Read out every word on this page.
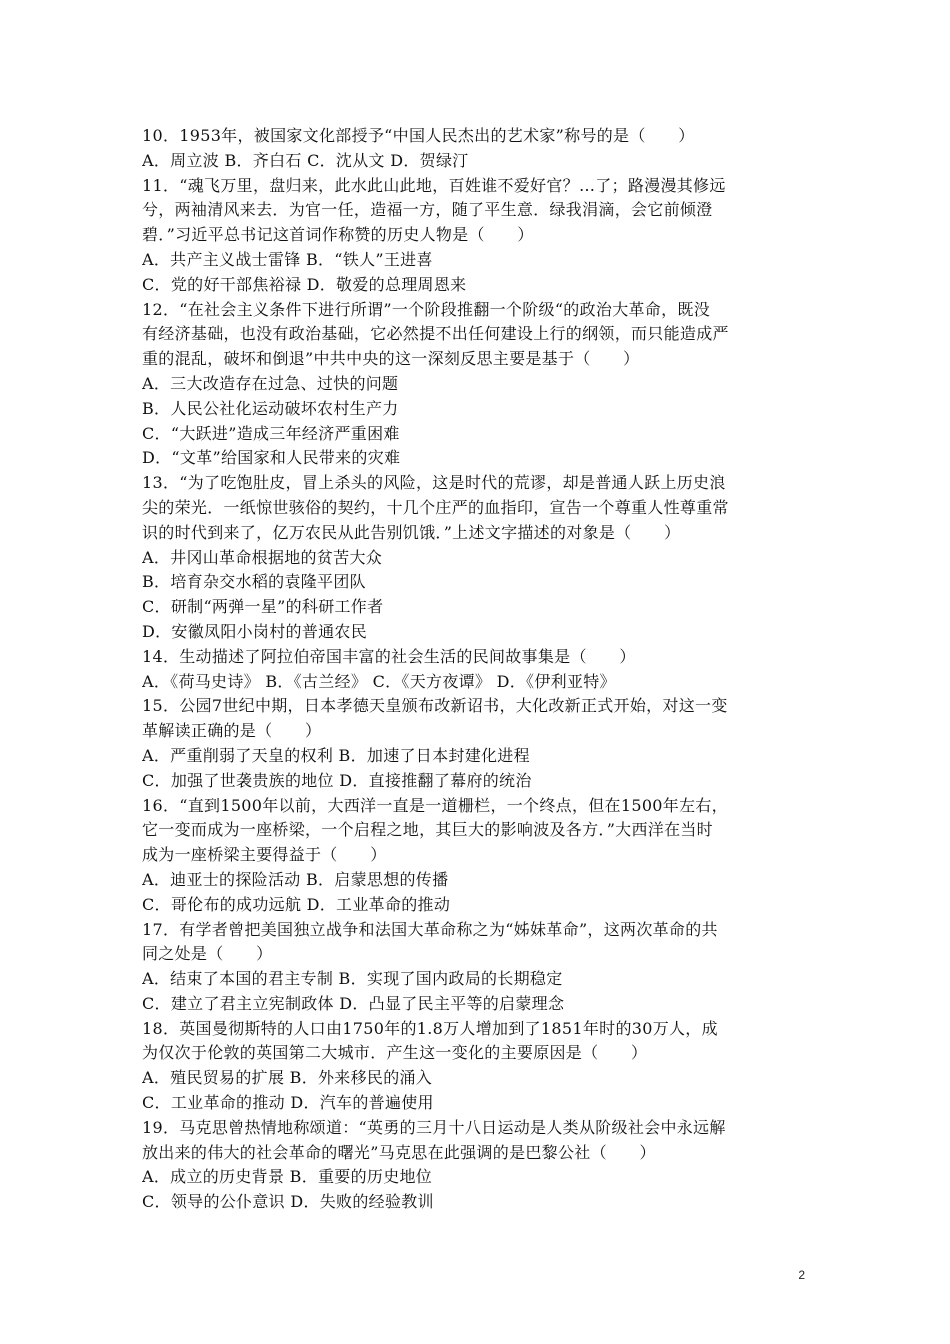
10．1953年，被国家文化部授予“中国人民杰出的艺术家”称号的是（　　）
A．周立波 B．齐白石 C．沈从文 D．贺绿汀
11．“魂飞万里，盘归来，此水此山此地，百姓谁不爱好官？…了；路漫漫其修远
兮，两袖清风来去．为官一任，造福一方，随了平生意．绿我涓滴，会它前倾澄
碧．”习近平总书记这首词作称赞的历史人物是（　　）
A．共产主义战士雷锋 B．“铁人”王进喜
C．党的好干部焦裕禄 D．敬爱的总理周恩来
12．“在社会主义条件下进行所谓”一个阶段推翻一个阶级“的政治大革命，既没
有经济基础，也没有政治基础，它必然提不出任何建设上行的纲领，而只能造成严
重的混乱，破坏和倒退”中共中央的这一深刻反思主要是基于（　　）
A．三大改造存在过急、过快的问题
B．人民公社化运动破坏农村生产力
C．“大跃进”造成三年经济严重困难
D．“文革”给国家和人民带来的灾难
13．“为了吃饱肚皮，冒上杀头的风险，这是时代的荒谬，却是普通人跃上历史浪
尖的荣光．一纸惊世骇俗的契约，十几个庄严的血指印，宣告一个尊重人性尊重常
识的时代到来了，亿万农民从此告别饥饿．”上述文字描述的对象是（　　）
A．井冈山革命根据地的贫苦大众
B．培育杂交水稻的袁隆平团队
C．研制“两弹一星”的科研工作者
D．安徽凤阳小岗村的普通农民
14．生动描述了阿拉伯帝国丰富的社会生活的民间故事集是（　　）
A．《荷马史诗》 B．《古兰经》 C．《天方夜谭》 D．《伊利亚特》
15．公园7世纪中期，日本孝德天皇颁布改新诏书，大化改新正式开始，对这一变
革解读正确的是（　　）
A．严重削弱了天皇的权利 B．加速了日本封建化进程
C．加强了世袭贵族的地位 D．直接推翻了幕府的统治
16．“直到1500年以前，大西洋一直是一道栅栏，一个终点，但在1500年左右，
它一变而成为一座桥梁，一个启程之地，其巨大的影响波及各方．”大西洋在当时
成为一座桥梁主要得益于（　　）
A．迪亚士的探险活动 B．启蒙思想的传播
C．哥伦布的成功远航 D．工业革命的推动
17．有学者曾把美国独立战争和法国大革命称之为“姊妹革命”，这两次革命的共
同之处是（　　）
A．结束了本国的君主专制 B．实现了国内政局的长期稳定
C．建立了君主立宪制政体 D．凸显了民主平等的启蒙理念
18．英国曼彻斯特的人口由1750年的1.8万人增加到了1851年时的30万人，成
为仅次于伦敦的英国第二大城市．产生这一变化的主要原因是（　　）
A．殖民贸易的扩展 B．外来移民的涌入
C．工业革命的推动 D．汽车的普遍使用
19．马克思曾热情地称颂道：“英勇的三月十八日运动是人类从阶级社会中永远解
放出来的伟大的社会革命的曙光”马克思在此强调的是巴黎公社（　　）
A．成立的历史背景 B．重要的历史地位
C．领导的公仆意识 D．失败的经验教训
2
